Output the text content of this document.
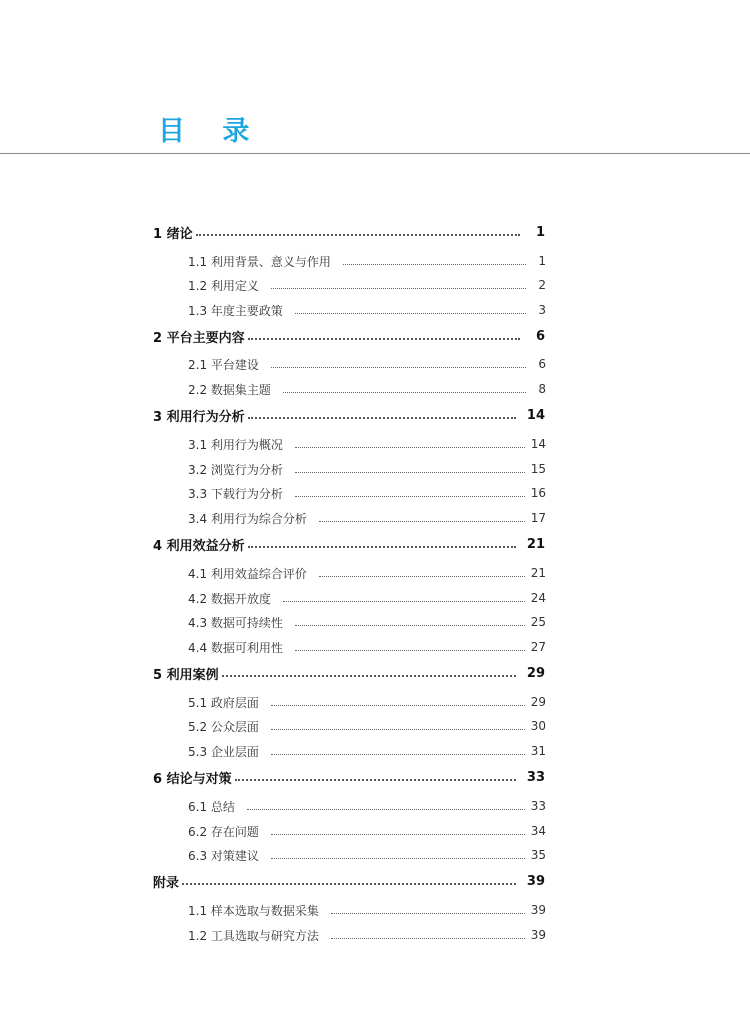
目 录
1 绪论	1
1.1 利用背景、意义与作用	1
1.2 利用定义	2
1.3 年度主要政策	3
2 平台主要内容	6
2.1 平台建设	6
2.2 数据集主题	8
3 利用行为分析	14
3.1 利用行为概况	14
3.2 浏览行为分析	15
3.3 下载行为分析	16
3.4 利用行为综合分析	17
4 利用效益分析	21
4.1 利用效益综合评价	21
4.2 数据开放度	24
4.3 数据可持续性	25
4.4 数据可利用性	27
5 利用案例	29
5.1 政府层面	29
5.2 公众层面	30
5.3 企业层面	31
6 结论与对策	33
6.1 总结	33
6.2 存在问题	34
6.3 对策建议	35
附录	39
1.1 样本选取与数据采集	39
1.2 工具选取与研究方法	39
